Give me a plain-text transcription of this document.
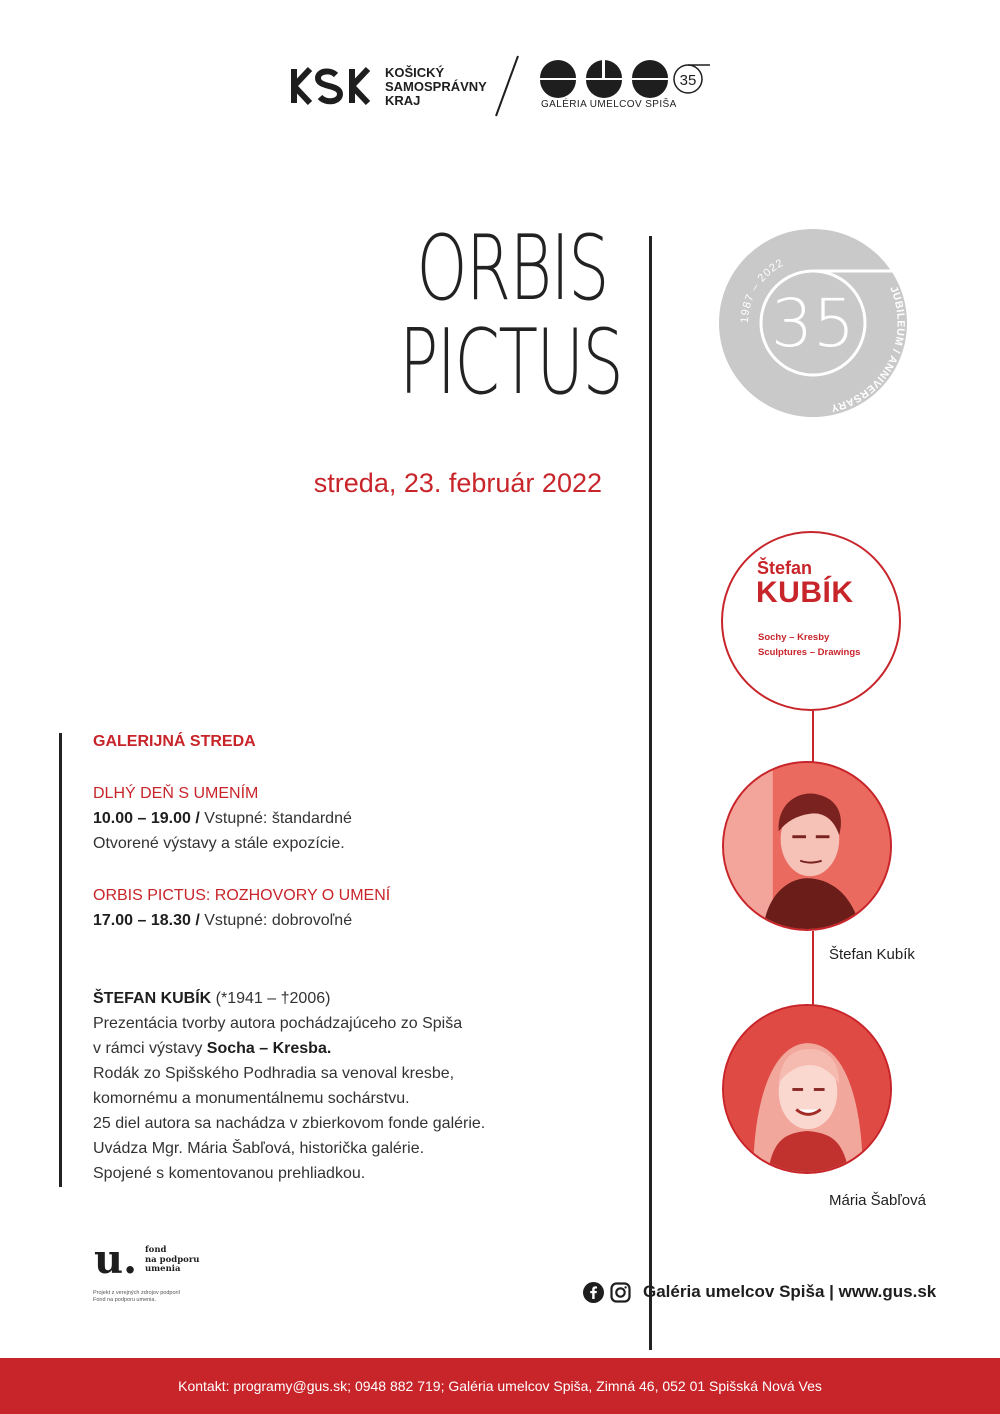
KOŠICKÝ
SAMOSPRÁVNY
KRAJ
35
GALÉRIA UMELCOV SPIŠA
ORBIS
PICTUS
streda, 23. február 2022
35
1987 – 2022
JUBILEUM / ANNIVERSARY
Štefan
KUBÍK
Sochy – Kresby
Sculptures – Drawings
Štefan Kubík
Mária Šabľová
GALERIJNÁ STREDA
DLHÝ DEŇ S UMENÍM
10.00 – 19.00 / Vstupné: štandardné
Otvorené výstavy a stále expozície.
ORBIS PICTUS: ROZHOVORY O UMENÍ
17.00 – 18.30 / Vstupné: dobrovoľné
ŠTEFAN KUBÍK (*1941 – †2006)
Prezentácia tvorby autora pochádzajúceho zo Spiša
v rámci výstavy Socha – Kresba.
Rodák zo Spišského Podhradia sa venoval kresbe,
komornému a monumentálnemu sochárstvu.
25 diel autora sa nachádza v zbierkovom fonde galérie.
Uvádza Mgr. Mária Šabľová, historička galérie.
Spojené s komentovanou prehliadkou.
u. fond
na podporu
umenia
Projekt z verejných zdrojov podporil
Fond na podporu umenia.	Galéria umelcov Spiša | www.gus.sk
Kontakt: programy@gus.sk; 0948 882 719; Galéria umelcov Spiša, Zimná 46, 052 01 Spišská Nová Ves
